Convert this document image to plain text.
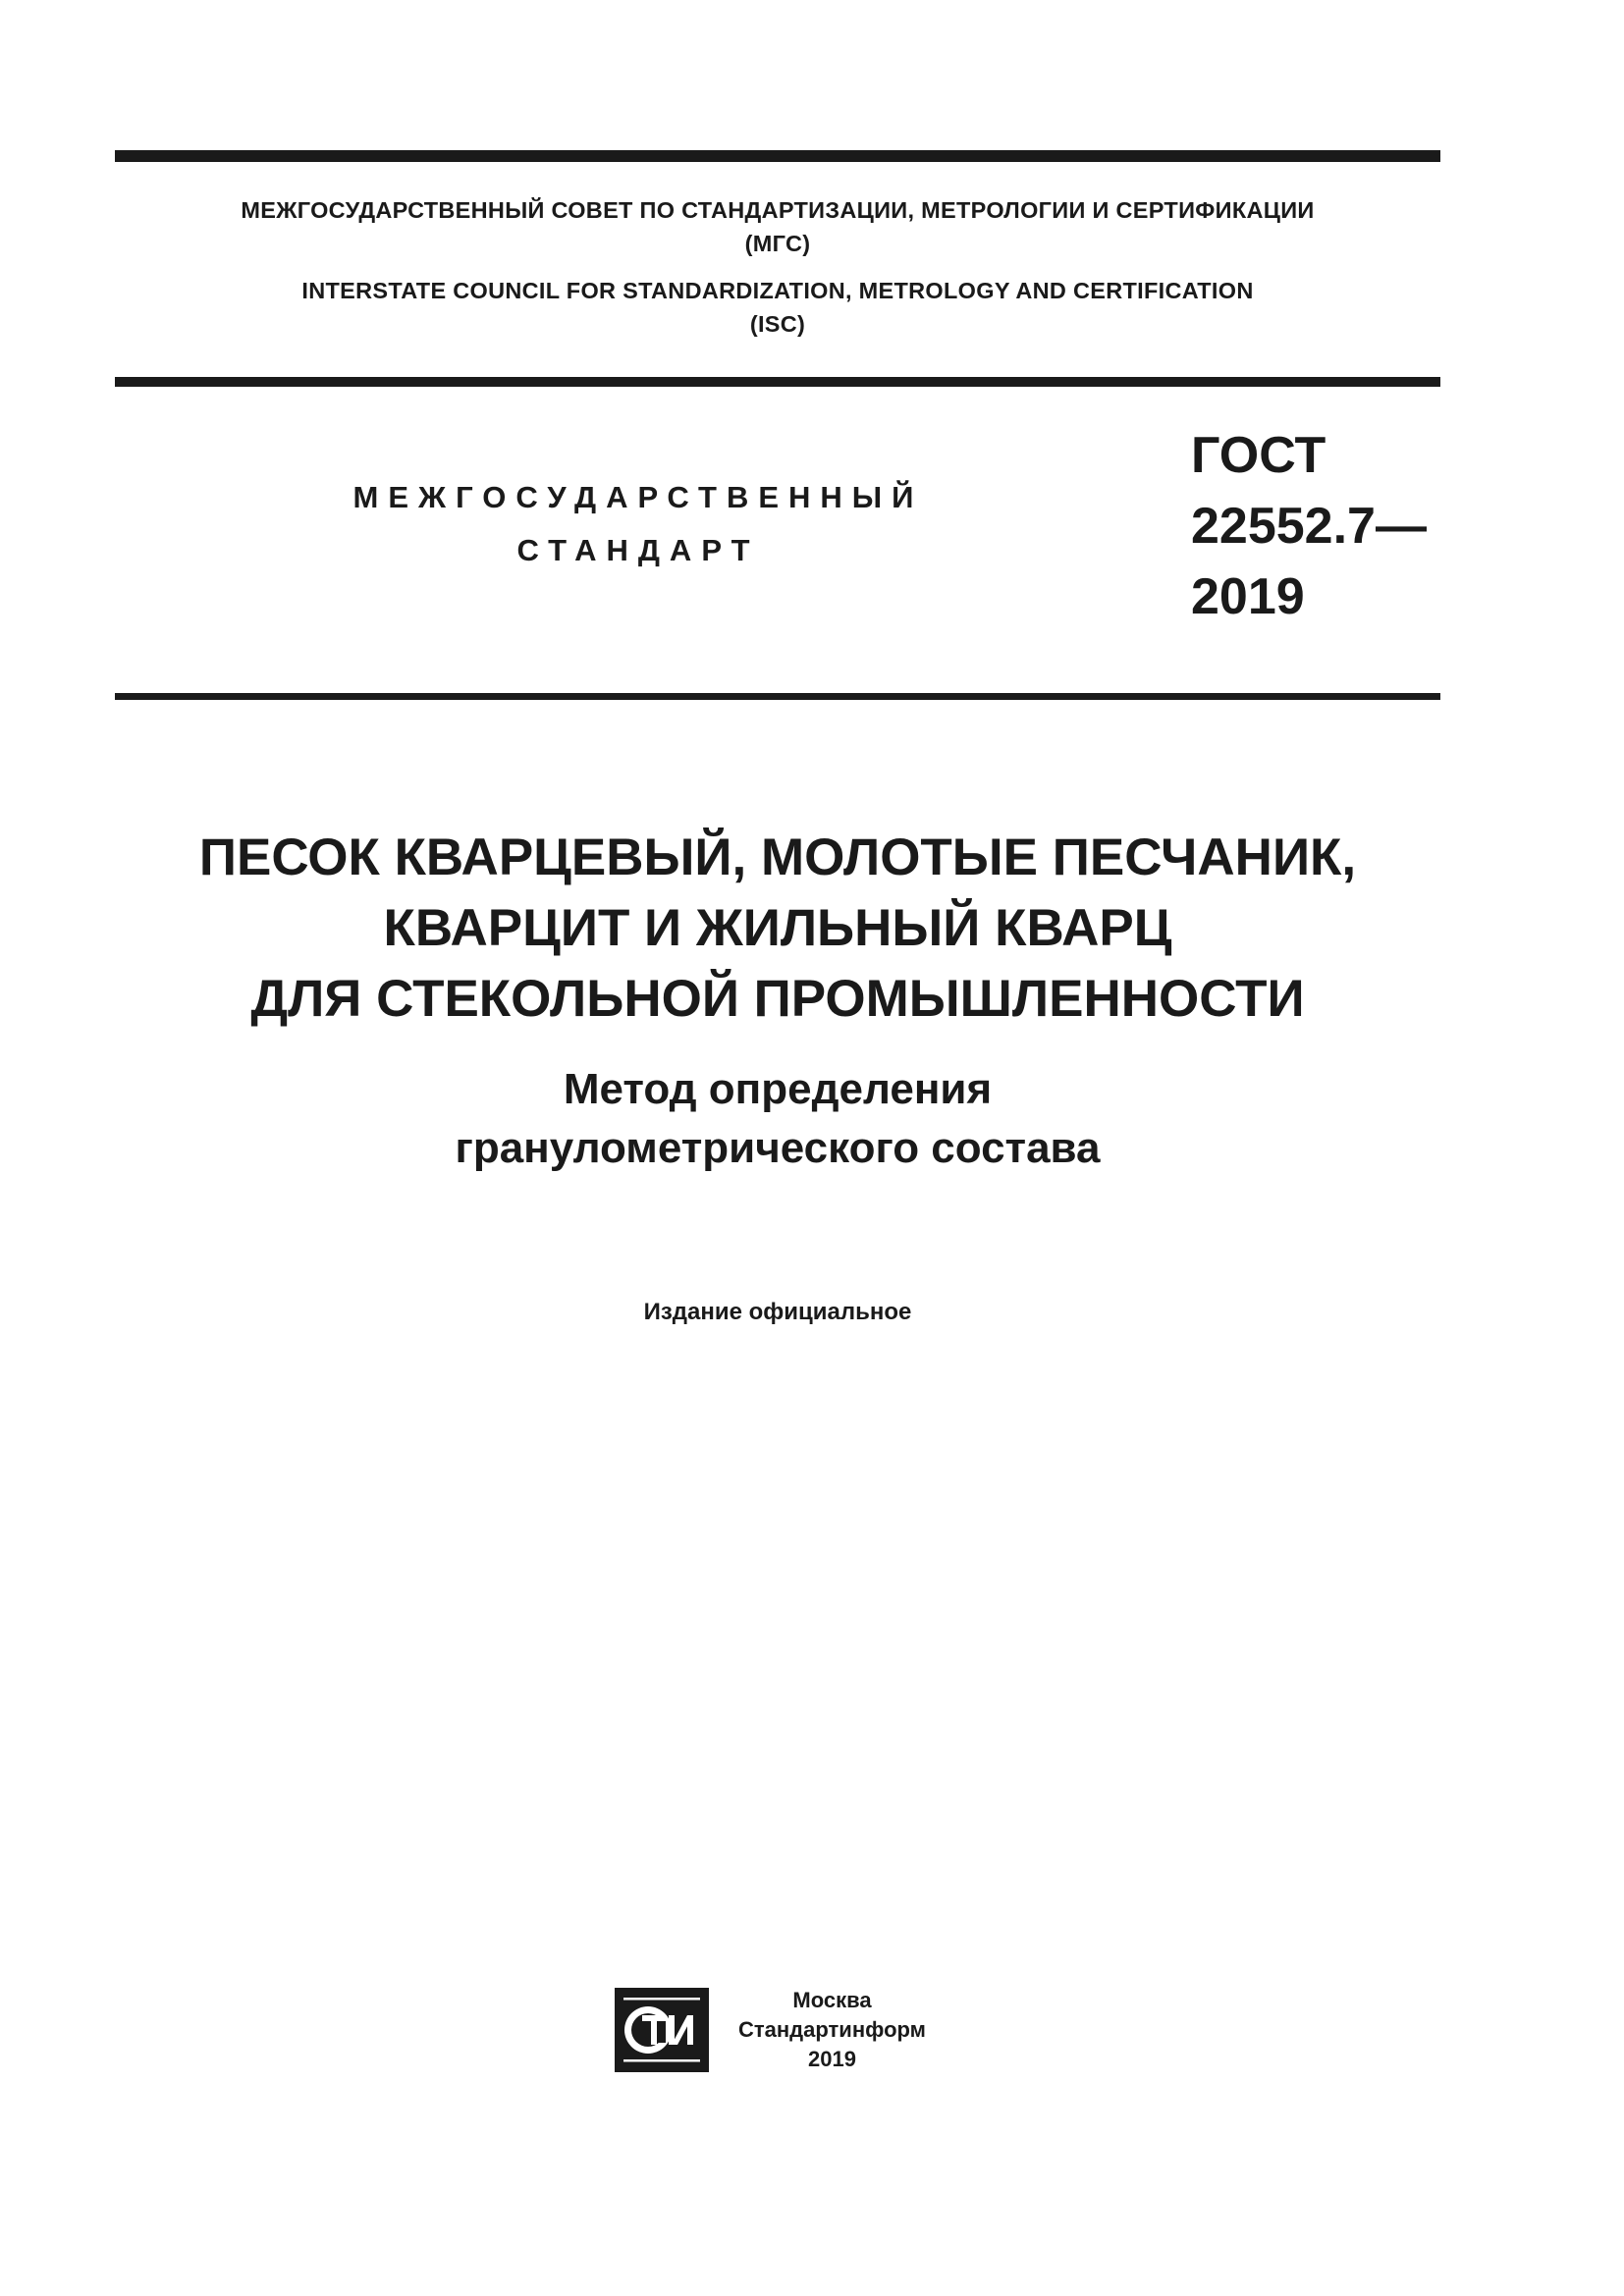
МЕЖГОСУДАРСТВЕННЫЙ СОВЕТ ПО СТАНДАРТИЗАЦИИ, МЕТРОЛОГИИ И СЕРТИФИКАЦИИ
(МГС)
INTERSTATE COUNCIL FOR STANDARDIZATION, METROLOGY AND CERTIFICATION
(ISC)
МЕЖГОСУДАРСТВЕННЫЙ
СТАНДАРТ
ГОСТ
22552.7—
2019
ПЕСОК КВАРЦЕВЫЙ, МОЛОТЫЕ ПЕСЧАНИК,
КВАРЦИТ И ЖИЛЬНЫЙ КВАРЦ
ДЛЯ СТЕКОЛЬНОЙ ПРОМЫШЛЕННОСТИ
Метод определения
гранулометрического состава
Издание официальное
Москва
Стандартинформ
2019
